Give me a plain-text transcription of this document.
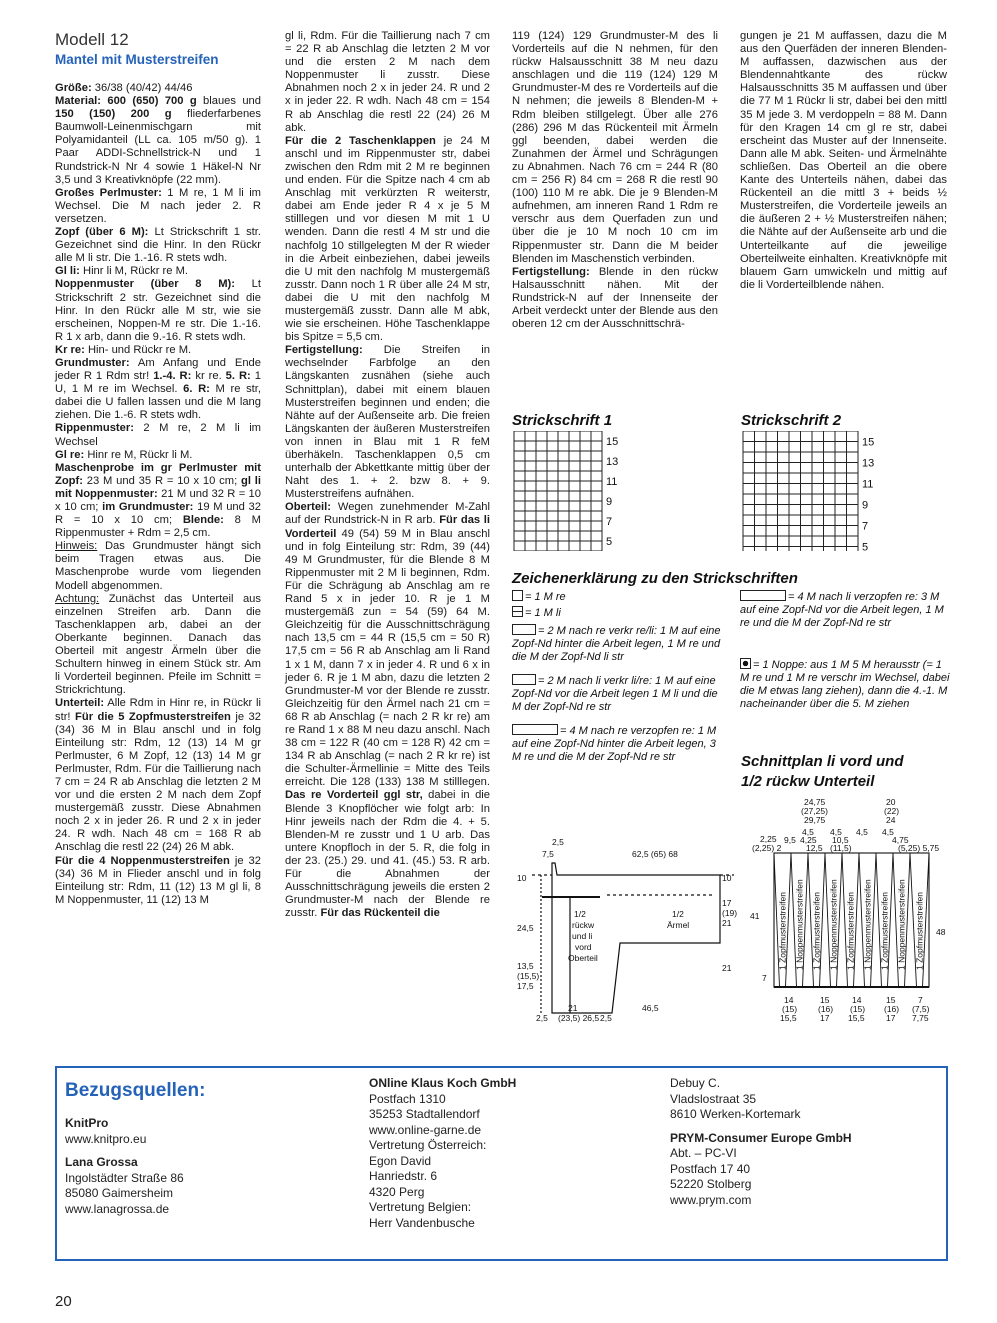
Modell 12
Mantel mit Musterstreifen

Größe: 36/38 (40/42) 44/46

Material: 600 (650) 700 g blaues und 150 (150) 200 g fliederfarbenes Baumwoll-Leinenmischgarn mit Polyamidanteil (LL ca. 105 m/50 g). 1 Paar ADDI-Schnellstrick-N und 1 Rundstrick-N Nr 4 sowie 1 Häkel-N Nr 3,5 und 3 Kreativknöpfe (22 mm).

Großes Perlmuster: 1 M re, 1 M li im Wechsel. Die M nach jeder 2. R versetzen.

Zopf (über 6 M): Lt Strickschrift 1 str. Gezeichnet sind die Hinr. In den Rückr alle M li str. Die 1.-16. R stets wdh.

Gl li: Hinr li M, Rückr re M.

Noppenmuster (über 8 M): Lt Strickschrift 2 str. Gezeichnet sind die Hinr. In den Rückr alle M str, wie sie erscheinen, Noppen-M re str. Die 1.-16. R 1 x arb, dann die 9.-16. R stets wdh.

Kr re: Hin- und Rückr re M.

Grundmuster: Am Anfang und Ende jeder R 1 Rdm str! 1.-4. R: kr re. 5. R: 1 U, 1 M re im Wechsel. 6. R: M re str, dabei die U fallen lassen und die M lang ziehen. Die 1.-6. R stets wdh.

Rippenmuster: 2 M re, 2 M li im Wechsel

Gl re: Hinr re M, Rückr li M.

Maschenprobe im gr Perlmuster mit Zopf: 23 M und 35 R = 10 x 10 cm; gl li mit Noppenmuster: 21 M und 32 R = 10 x 10 cm; im Grundmuster: 19 M und 32 R = 10 x 10 cm; Blende: 8 M Rippenmuster + Rdm = 2,5 cm.

Hinweis: Das Grundmuster hängt sich beim Tragen etwas aus. Die Maschenprobe wurde vom liegenden Modell abgenommen.

Achtung: Zunächst das Unterteil aus einzelnen Streifen arb. Dann die Taschenklappen arb, dabei an der Oberkante beginnen. Danach das Oberteil mit angestr Ärmeln über die Schultern hinweg in einem Stück str. Am li Vorderteil beginnen. Pfeile im Schnitt = Strickrichtung.

Unterteil: Alle Rdm in Hinr re, in Rückr li str! Für die 5 Zopfmusterstreifen je 32 (34) 36 M in Blau anschl und in folg Einteilung str: Rdm, 12 (13) 14 M gr Perlmuster, 6 M Zopf, 12 (13) 14 M gr Perlmuster, Rdm. Für die Taillierung nach 7 cm = 24 R ab Anschlag die letzten 2 M vor und die ersten 2 M nach dem Zopf mustergemäß zusstr. Diese Abnahmen noch 2 x in jeder 26. R und 2 x in jeder 24. R wdh. Nach 48 cm = 168 R ab Anschlag die restl 22 (24) 26 M abk.

Für die 4 Noppenmusterstreifen je 32 (34) 36 M in Flieder anschl und in folg Einteilung str: Rdm, 11 (12) 13 M gl li, 8 M Noppenmuster, 11 (12) 13 M

gl li, Rdm. Für die Taillierung nach 7 cm = 22 R ab Anschlag die letzten 2 M vor und die ersten 2 M nach dem Noppenmuster li zusstr. Diese Abnahmen noch 2 x in jeder 24. R und 2 x in jeder 22. R wdh. Nach 48 cm = 154 R ab Anschlag die restl 22 (24) 26 M abk.

Für die 2 Taschenklappen je 24 M anschl und im Rippenmuster str, dabei zwischen den Rdm mit 2 M re beginnen und enden. Für die Spitze nach 4 cm ab Anschlag mit verkürzten R weiterstr, dabei am Ende jeder R 4 x je 5 M stilllegen und vor diesen M mit 1 U wenden. Dann die restl 4 M str und die nachfolg 10 stillgelegten M der R wieder in die Arbeit einbeziehen, dabei jeweils die U mit den nachfolg M mustergemäß zusstr. Dann noch 1 R über alle 24 M str, dabei die U mit den nachfolg M mustergemäß zusstr. Dann alle M abk, wie sie erscheinen. Höhe Taschenklappe bis Spitze = 5,5 cm.

Fertigstellung: Die Streifen in wechselnder Farbfolge an den Längskanten zusnähen (siehe auch Schnittplan), dabei mit einem blauen Musterstreifen beginnen und enden; die Nähte auf der Außenseite arb. Die freien Längskanten der äußeren Musterstreifen von innen in Blau mit 1 R feM überhäkeln. Taschenklappen 0,5 cm unterhalb der Abkettkante mittig über der Naht des 1. + 2. bzw 8. + 9. Musterstreifens aufnähen.

Oberteil: Wegen zunehmender M-Zahl auf der Rundstrick-N in R arb. Für das li Vorderteil 49 (54) 59 M in Blau anschl und in folg Einteilung str: Rdm, 39 (44) 49 M Grundmuster, für die Blende 8 M Rippenmuster mit 2 M li beginnen, Rdm. Für die Schrägung ab Anschlag am re Rand 5 x in jeder 10. R je 1 M mustergemäß zun = 54 (59) 64 M. Gleichzeitig für die Ausschnittschrägung nach 13,5 cm = 44 R (15,5 cm = 50 R) 17,5 cm = 56 R ab Anschlag am li Rand 1 x 1 M, dann 7 x in jeder 4. R und 6 x in jeder 6. R je 1 M abn, dazu die letzten 2 Grundmuster-M vor der Blende re zusstr. Gleichzeitig für den Ärmel nach 21 cm = 68 R ab Anschlag (= nach 2 R kr re) am re Rand 1 x 88 M neu dazu anschl. Nach 38 cm = 122 R (40 cm = 128 R) 42 cm = 134 R ab Anschlag (= nach 2 R kr re) ist die Schulter-Ärmellinie = Mitte des Teils erreicht. Die 128 (133) 138 M stilllegen. Das re Vorderteil ggl str, dabei in die Blende 3 Knopflöcher wie folgt arb: In Hinr jeweils nach der Rdm die 4. + 5. Blenden-M re zusstr und 1 U arb. Das untere Knopfloch in der 5. R, die folg in der 23. (25.) 29. und 41. (45.) 53. R arb. Für die Abnahmen der Ausschnittschrägung jeweils die ersten 2 Grundmuster-M nach der Blende re zusstr. Für das Rückenteil die

119 (124) 129 Grundmuster-M des li Vorderteils auf die N nehmen, für den rückw Halsausschnitt 38 M neu dazu anschlagen und die 119 (124) 129 M Grundmuster-M des re Vorderteils auf die N nehmen; die jeweils 8 Blenden-M + Rdm bleiben stillgelegt. Über alle 276 (286) 296 M das Rückenteil mit Ärmeln ggl beenden, dabei werden die Zunahmen der Ärmel und Schrägungen zu Abnahmen. Nach 76 cm = 244 R (80 cm = 256 R) 84 cm = 268 R die restl 90 (100) 110 M re abk. Die je 9 Blenden-M aufnehmen, am inneren Rand 1 Rdm re verschr aus dem Querfaden zun und über die je 10 M noch 10 cm im Rippenmuster str. Dann die M beider Blenden im Maschenstich verbinden.

Fertigstellung: Blende in den rückw Halsausschnitt nähen. Mit der Rundstrick-N auf der Innenseite der Arbeit verdeckt unter der Blende aus den oberen 12 cm der Ausschnittschrä-

gungen je 21 M auffassen, dazu die M aus den Querfäden der inneren Blenden-M auffassen, dazwischen aus der Blendennahtkante des rückw Halsausschnitts 35 M auffassen und über die 77 M 1 Rückr li str, dabei bei den mittl 35 M jede 3. M verdoppeln = 88 M. Dann für den Kragen 14 cm gl re str, dabei erscheint das Muster auf der Innenseite. Dann alle M abk. Seiten- und Ärmelnähte schließen. Das Oberteil an die obere Kante des Unterteils nähen, dabei das Rückenteil an die mittl 3 + beids ½ Musterstreifen, die Vorderteile jeweils an die äußeren 2 + ½ Musterstreifen nähen; die Nähte auf der Außenseite arb und die Unterteilkante auf die jeweilige Oberteilweite einhalten. Kreativknöpfe mit blauem Garn umwickeln und mittig auf die li Vorderteilblende nähen.

Strickschrift 1
15
13
11
9
7
5
Strickschrift 2
15
13
11
9
7
5
Zeichenerklärung zu den Strickschriften
= 1 M re
= 1 M li
= 2 M nach re verkr re/li: 1 M auf eine Zopf-Nd hinter die Arbeit legen, 1 M re und die M der Zopf-Nd li str
= 2 M nach li verkr li/re: 1 M auf eine Zopf-Nd vor die Arbeit legen 1 M li und die M der Zopf-Nd re str
= 4 M nach re verzopfen re: 1 M auf eine Zopf-Nd hinter die Arbeit legen, 3 M re und die M der Zopf-Nd re str
= 4 M nach li verzopfen re: 3 M auf eine Zopf-Nd vor die Arbeit legen, 1 M re und die M der Zopf-Nd re str
= 1 Noppe: aus 1 M 5 M herausstr (= 1 M re und 1 M re verschr im Wechsel, dabei die M etwas lang ziehen), dann die 4.-1. M nacheinander über die 5. M ziehen
Schnittplan li vord und
1/2 rückw Unterteil
2,5
7,5	62,5 (65) 68
10
24,5
13,5
(15,5)
17,5
10
17
(19)
21
21
1/2
rückw
und li
vord
Oberteil
1/2
Ärmel
2,5
21
(23,5) 26,5 2,5
46,5
1 Zopfmusterstreifen 1 Noppenmusterstreifen 1 Zopfmusterstreifen 1 Noppenmusterstreifen 1 Zopfmusterstreifen 1 Noppenmusterstreifen 1 Zopfmusterstreifen 1 Noppenmusterstreifen 1 Zopfmusterstreifen
24,75
(27,25)
29,75
20
(22)
24
4,5 4,5 4,5 4,5
2,25
(2,25) 2
9,5 4,25 10,5	4,75
(11,5)
12,5	(5,25) 5,75
41
7
48
14
(15)
15,5
15
(16)
17
14
(15)
15,5
15
(16)
17
7
(7,5)
7,75
Bezugsquellen:
KnitPro
www.knitpro.eu
Lana Grossa
Ingolstädter Straße 86
85080 Gaimersheim
www.lanagrossa.de
ONline Klaus Koch GmbH
Postfach 1310
35253 Stadtallendorf
www.online-garne.de
Vertretung Österreich:
Egon David
Hanriedstr. 6
4320 Perg
Vertretung Belgien:
Herr Vandenbusche
Debuy C.
Vladslostraat 35
8610 Werken-Kortemark
PRYM-Consumer Europe GmbH
Abt. – PC-VI
Postfach 17 40
52220 Stolberg
www.prym.com
20
